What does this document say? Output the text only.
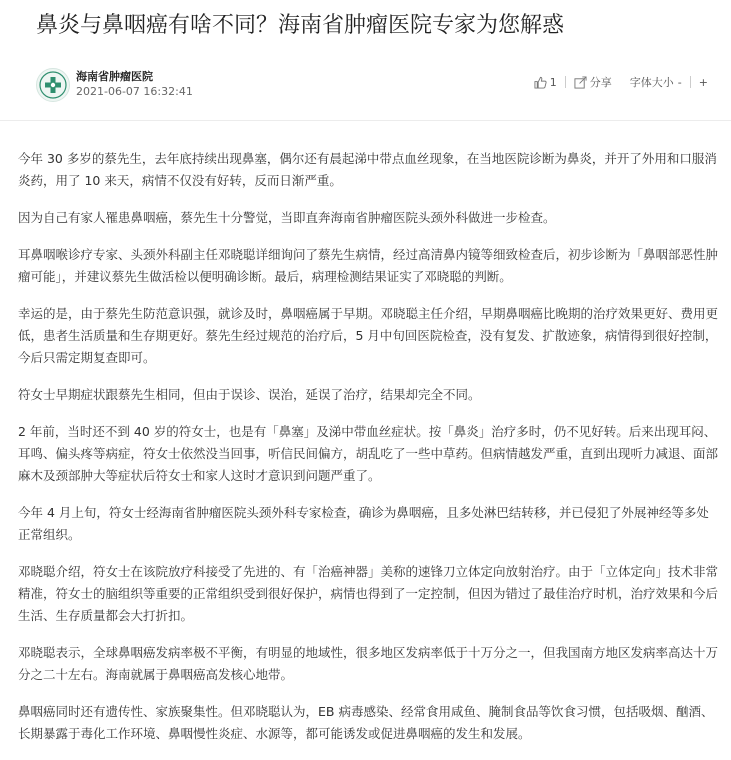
鼻炎与鼻咽癌有啥不同？海南省肿瘤医院专家为您解惑
海南省肿瘤医院
2021-06-07 16:32:41
1	分享 字体大小 - +

今年 30 多岁的蔡先生，去年底持续出现鼻塞，偶尔还有晨起涕中带点血丝现象，在当地医院诊断为鼻炎，并开了外用和口服消炎药，用了 10 来天，病情不仅没有好转，反而日渐严重。

因为自己有家人罹患鼻咽癌，蔡先生十分警觉，当即直奔海南省肿瘤医院头颈外科做进一步检查。

耳鼻咽喉诊疗专家、头颈外科副主任邓晓聪详细询问了蔡先生病情，经过高清鼻内镜等细致检查后，初步诊断为「鼻咽部恶性肿瘤可能」，并建议蔡先生做活检以便明确诊断。最后，病理检测结果证实了邓晓聪的判断。

幸运的是，由于蔡先生防范意识强，就诊及时，鼻咽癌属于早期。邓晓聪主任介绍，早期鼻咽癌比晚期的治疗效果更好、费用更低，患者生活质量和生存期更好。蔡先生经过规范的治疗后，5 月中旬回医院检查，没有复发、扩散迹象，病情得到很好控制，今后只需定期复查即可。

符女士早期症状跟蔡先生相同，但由于误诊、误治，延误了治疗，结果却完全不同。

2 年前，当时还不到 40 岁的符女士，也是有「鼻塞」及涕中带血丝症状。按「鼻炎」治疗多时，仍不见好转。后来出现耳闷、耳鸣、偏头疼等病症，符女士依然没当回事，听信民间偏方，胡乱吃了一些中草药。但病情越发严重，直到出现听力减退、面部麻木及颈部肿大等症状后符女士和家人这时才意识到问题严重了。

今年 4 月上旬，符女士经海南省肿瘤医院头颈外科专家检查，确诊为鼻咽癌，且多处淋巴结转移，并已侵犯了外展神经等多处正常组织。

邓晓聪介绍，符女士在该院放疗科接受了先进的、有「治癌神器」美称的速锋刀立体定向放射治疗。由于「立体定向」技术非常精准，符女士的脑组织等重要的正常组织受到很好保护，病情也得到了一定控制，但因为错过了最佳治疗时机，治疗效果和今后生活、生存质量都会大打折扣。

邓晓聪表示，全球鼻咽癌发病率极不平衡，有明显的地域性，很多地区发病率低于十万分之一，但我国南方地区发病率高达十万分之二十左右。海南就属于鼻咽癌高发核心地带。

鼻咽癌同时还有遗传性、家族聚集性。但邓晓聪认为，EB 病毒感染、经常食用咸鱼、腌制食品等饮食习惯，包括吸烟、酗酒、长期暴露于毒化工作环境、鼻咽慢性炎症、水源等，都可能诱发或促进鼻咽癌的发生和发展。
